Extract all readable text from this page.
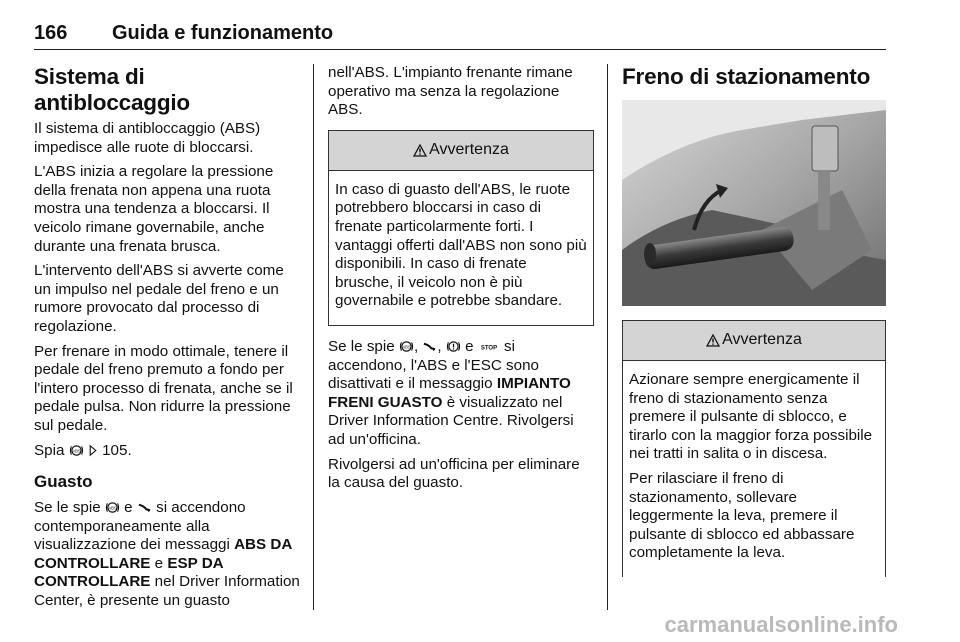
166 Guida e funzionamento
Sistema di antibloccaggio

Il sistema di antibloccaggio (ABS) impedisce alle ruote di bloccarsi.

L'ABS inizia a regolare la pressione della frenata non appena una ruota mostra una tendenza a bloccarsi. Il veicolo rimane governabile, anche durante una frenata brusca.

L'intervento dell'ABS si avverte come un impulso nel pedale del freno e un rumore provocato dal processo di regolazione.

Per frenare in modo ottimale, tenere il pedale del freno premuto a fondo per l'intero processo di frenata, anche se il pedale pulsa. Non ridurre la pressione sul pedale.

Spia ABS 105.

Guasto

Se le spie ABS e si accendono contemporaneamente alla visualizzazione dei messaggi ABS DA CONTROLLARE e ESP DA CONTROLLARE nel Driver Information Center, è presente un guasto

nell'ABS. L'impianto frenante rimane operativo ma senza la regolazione ABS.

Avvertenza

In caso di guasto dell'ABS, le ruote potrebbero bloccarsi in caso di frenate particolarmente forti. I vantaggi offerti dall'ABS non sono più disponibili. In caso di frenate brusche, il veicolo non è più governabile e potrebbe sbandare.

Se le spie ABS , ,  e STOP si accendono, l'ABS e l'ESC sono disattivati e il messaggio IMPIANTO FRENI GUASTO è visualizzato nel Driver Information Centre. Rivolgersi ad un'officina.

Rivolgersi ad un'officina per eliminare la causa del guasto.

Freno di stazionamento
Avvertenza

Azionare sempre energicamente il freno di stazionamento senza premere il pulsante di sblocco, e tirarlo con la maggior forza possibile nei tratti in salita o in discesa.

Per rilasciare il freno di stazionamento, sollevare leggermente la leva, premere il pulsante di sblocco ed abbassare completamente la leva.

carmanualsonline.info
